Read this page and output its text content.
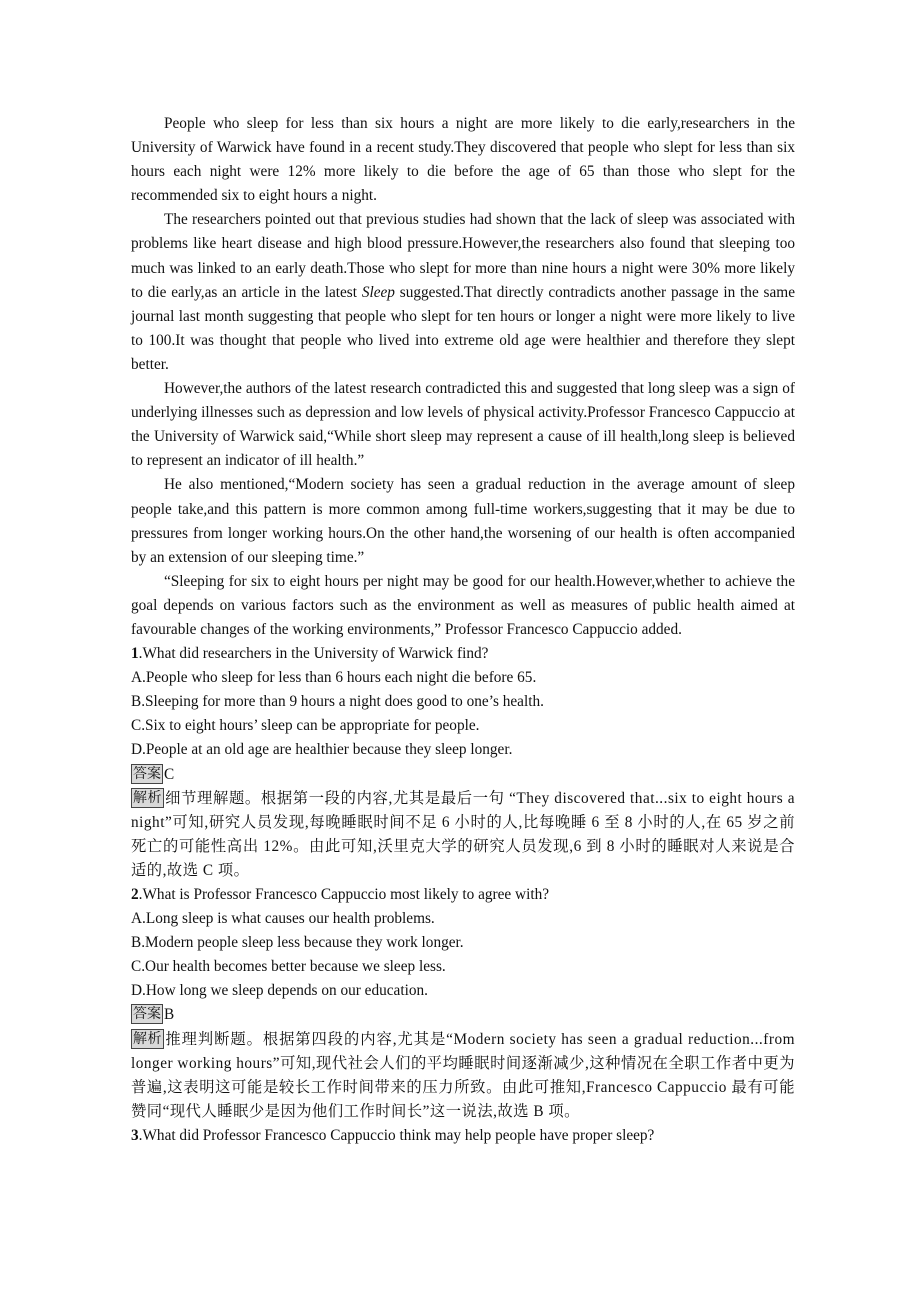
People who sleep for less than six hours a night are more likely to die early,researchers in the University of Warwick have found in a recent study.They discovered that people who slept for less than six hours each night were 12% more likely to die before the age of 65 than those who slept for the recommended six to eight hours a night.

The researchers pointed out that previous studies had shown that the lack of sleep was associated with problems like heart disease and high blood pressure.However,the researchers also found that sleeping too much was linked to an early death.Those who slept for more than nine hours a night were 30% more likely to die early,as an article in the latest Sleep suggested.That directly contradicts another passage in the same journal last month suggesting that people who slept for ten hours or longer a night were more likely to live to 100.It was thought that people who lived into extreme old age were healthier and therefore they slept better.

However,the authors of the latest research contradicted this and suggested that long sleep was a sign of underlying illnesses such as depression and low levels of physical activity.Professor Francesco Cappuccio at the University of Warwick said,“While short sleep may represent a cause of ill health,long sleep is believed to represent an indicator of ill health.”

He also mentioned,“Modern society has seen a gradual reduction in the average amount of sleep people take,and this pattern is more common among full-time workers,suggesting that it may be due to pressures from longer working hours.On the other hand,the worsening of our health is often accompanied by an extension of our sleeping time.”

“Sleeping for six to eight hours per night may be good for our health.However,whether to achieve the goal depends on various factors such as the environment as well as measures of public health aimed at favourable changes of the working environments,” Professor Francesco Cappuccio added.

1.What did researchers in the University of Warwick find?

A.People who sleep for less than 6 hours each night die before 65.

B.Sleeping for more than 9 hours a night does good to one’s health.

C.Six to eight hours’ sleep can be appropriate for people.

D.People at an old age are healthier because they sleep longer.

答案 C

解析 细节理解题。根据第一段的内容,尤其是最后一句 “They discovered that...six to eight hours a night”可知,研究人员发现,每晚睡眠时间不足 6 小时的人,比每晚睡 6 至 8 小时的人,在 65 岁之前死亡的可能性高出 12%。由此可知,沃里克大学的研究人员发现,6 到 8 小时的睡眠对人来说是合适的,故选 C 项。

2.What is Professor Francesco Cappuccio most likely to agree with?

A.Long sleep is what causes our health problems.

B.Modern people sleep less because they work longer.

C.Our health becomes better because we sleep less.

D.How long we sleep depends on our education.

答案 B

解析 推理判断题。根据第四段的内容,尤其是“Modern society has seen a gradual reduction...from longer working hours”可知,现代社会人们的平均睡眠时间逐渐减少,这种情况在全职工作者中更为普遍,这表明这可能是较长工作时间带来的压力所致。由此可推知,Francesco Cappuccio 最有可能赞同“现代人睡眠少是因为他们工作时间长”这一说法,故选 B 项。

3.What did Professor Francesco Cappuccio think may help people have proper sleep?
